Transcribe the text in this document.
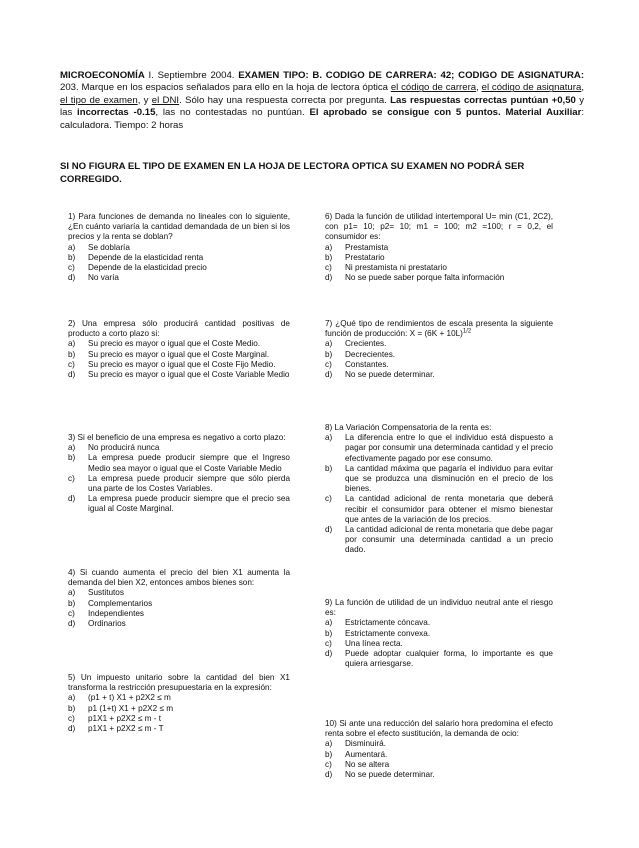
MICROECONOMÍA I. Septiembre 2004. EXAMEN TIPO: B. CODIGO DE CARRERA: 42; CODIGO DE ASIGNATURA: 203. Marque en los espacios señalados para ello en la hoja de lectora óptica el código de carrera, el código de asignatura, el tipo de examen, y el DNI. Sólo hay una respuesta correcta por pregunta. Las respuestas correctas puntúan +0,50 y las incorrectas -0.15, las no contestadas no puntúan. El aprobado se consigue con 5 puntos. Material Auxiliar: calculadora. Tiempo: 2 horas
SI NO FIGURA EL TIPO DE EXAMEN EN LA HOJA DE LECTORA OPTICA SU EXAMEN NO PODRÁ SER CORREGIDO.

1) Para funciones de demanda no lineales con lo siguiente, ¿En cuánto variaría la cantidad demandada de un bien si los precios y la renta se doblan?

a)	Se doblaría
b)	Depende de la elasticidad renta
c)	Depende de la elasticidad precio
d)	No varía

2) Una empresa sólo producirá cantidad positivas de producto a corto plazo si:

a)	Su precio es mayor o igual que el Coste Medio.
b)	Su precio es mayor o igual que el Coste Marginal.
c)	Su precio es mayor o igual que el Coste Fijo Medio.
d)	Su precio es mayor o igual que el Coste Variable Medio

3) Si el beneficio de una empresa es negativo a corto plazo:

a)	No producirá nunca
b)	La empresa puede producir siempre que el Ingreso Medio sea mayor o igual que el Coste Variable Medio
c)	La empresa puede producir siempre que sólo pierda una parte de los Costes Variables.
d)	La empresa puede producir siempre que el precio sea igual al Coste Marginal.

4) Si cuando aumenta el precio del bien X1 aumenta la demanda del bien X2, entonces ambos bienes son:

a)	Sustitutos
b)	Complementarios
c)	Independientes
d)	Ordinarios

5) Un impuesto unitario sobre la cantidad del bien X1 transforma la restricción presupuestaria en la expresión:

a)	(p1 + t) X1 + p2X2 ≤ m
b)	p1 (1+t) X1 + p2X2 ≤ m
c)	p1X1 + p2X2 ≤ m - t
d)	p1X1 + p2X2 ≤ m - T

6) Dada la función de utilidad intertemporal U= min (C1, 2C2), con p1= 10; p2= 10; m1 = 100; m2 =100; r = 0,2, el consumidor es:

a)	Prestamista
b)	Prestatario
c)	Ni prestamista ni prestatario
d)	No se puede saber porque falta información

7) ¿Qué tipo de rendimientos de escala presenta la siguiente función de producción: $X = (6K + 10L)^{1/2}$

a)	Crecientes.
b)	Decrecientes.
c)	Constantes.
d)	No se puede determinar.

8) La Variación Compensatoria de la renta es:

a)	La diferencia entre lo que el individuo está dispuesto a pagar por consumir una determinada cantidad y el precio efectivamente pagado por ese consumo.
b)	La cantidad máxima que pagaría el individuo para evitar que se produzca una disminución en el precio de los bienes.
c)	La cantidad adicional de renta monetaria que deberá recibir el consumidor para obtener el mismo bienestar que antes de la variación de los precios.
d)	La cantidad adicional de renta monetaria que debe pagar por consumir una determinada cantidad a un precio dado.

9) La función de utilidad de un individuo neutral ante el riesgo es:

a)	Estrictamente cóncava.
b)	Estrictamente convexa.
c)	Una línea recta.
d)	Puede adoptar cualquier forma, lo importante es que quiera arriesgarse.

10) Si ante una reducción del salario hora predomina el efecto renta sobre el efecto sustitución, la demanda de ocio:

a)	Disminuirá.
b)	Aumentará.
c)	No se altera
d)	No se puede determinar.
